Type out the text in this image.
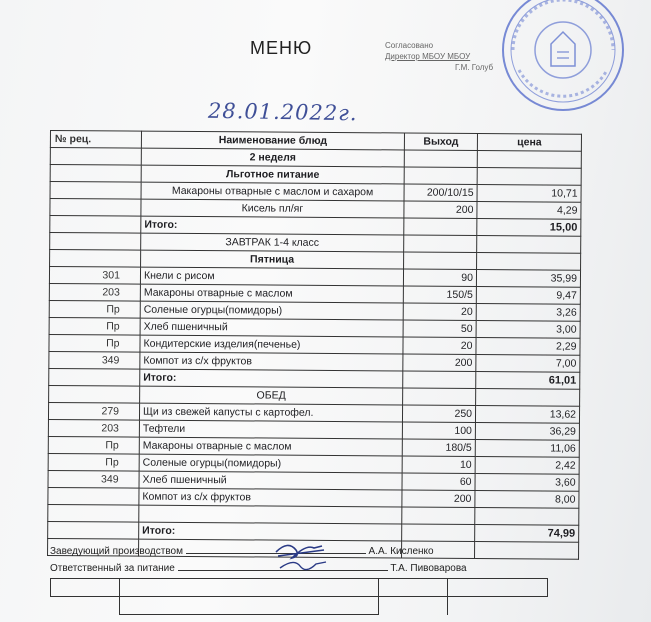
МЕНЮ	Согласовано
Директор МБОУ МБОУ
Г.М. Голуб
28.01.2022г.
№ рец.	Наименование блюд	Выход	цена
	2 неделя		
	Льготное питание		
	Макароны отварные с маслом и сахаром	200/10/15	10,71
	Кисель пл/яг	200	4,29
	Итого:		15,00
	ЗАВТРАК 1-4 класс		
	Пятница		
301	Кнели с рисом	90	35,99
203	Макароны отварные с маслом	150/5	9,47
Пр	Соленые огурцы(помидоры)	20	3,26
Пр	Хлеб пшеничный	50	3,00
Пр	Кондитерские изделия(печенье)	20	2,29
349	Компот из с/х фруктов	200	7,00
	Итого:		61,01
	ОБЕД		
279	Щи из свежей капусты с картофел.	250	13,62
203	Тефтели	100	36,29
Пр	Макароны отварные с маслом	180/5	11,06
Пр	Соленые огурцы(помидоры)	10	2,42
349	Хлеб пшеничный	60	3,60
	Компот из с/х фруктов	200	8,00

	Итого:		74,99

Заведующий производством	А.А. Кисленко
Ответственный за питание	Т.А. Пивоварова
